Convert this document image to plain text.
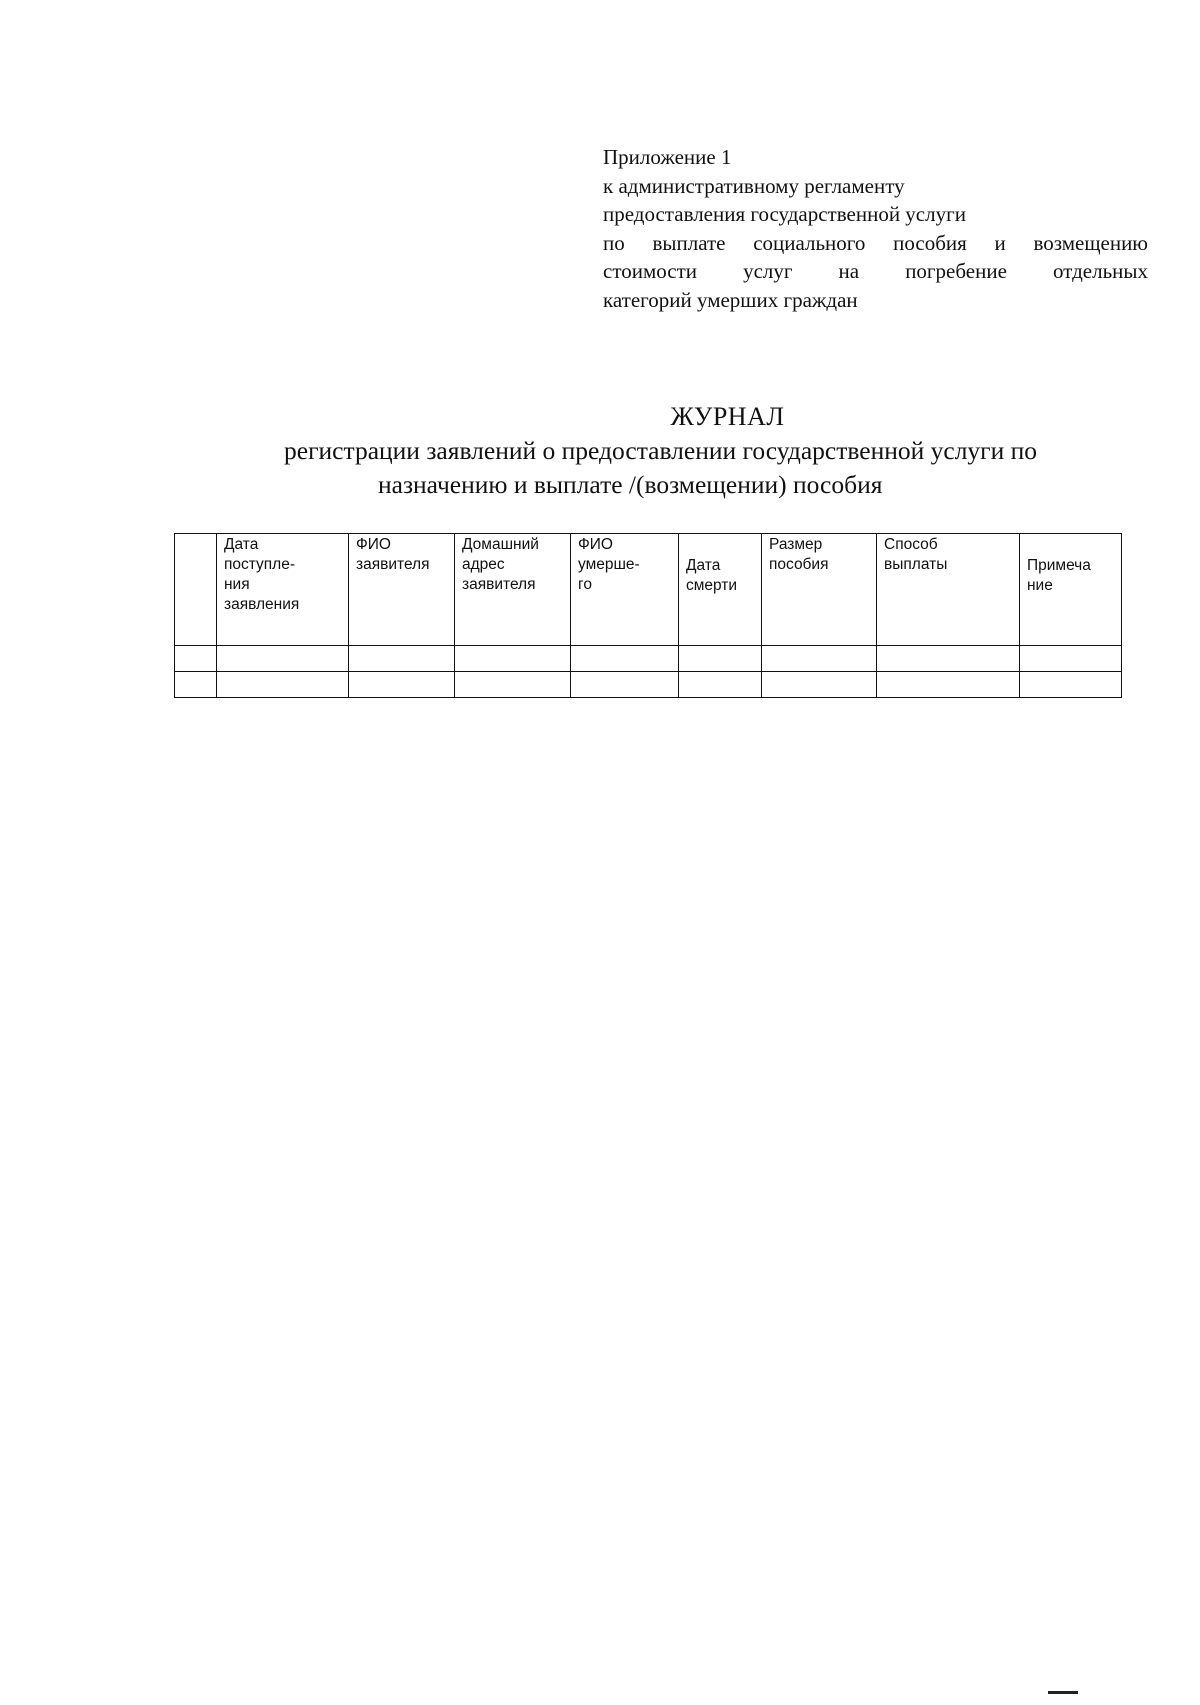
Приложение 1
к административному регламенту
предоставления государственной услуги
по выплате социального пособия и возмещению
стоимости услуг на погребение отдельных
категорий умерших граждан
ЖУРНАЛ
регистрации заявлений о предоставлении государственной услуги по
назначению и выплате /(возмещении) пособия

	Дата
поступле-
ния
заявления	ФИО
заявителя	Домашний
адрес
заявителя	ФИО
умерше-
го	Дата
смерти	Размер
пособия	Способ
выплаты	Примеча
ние
